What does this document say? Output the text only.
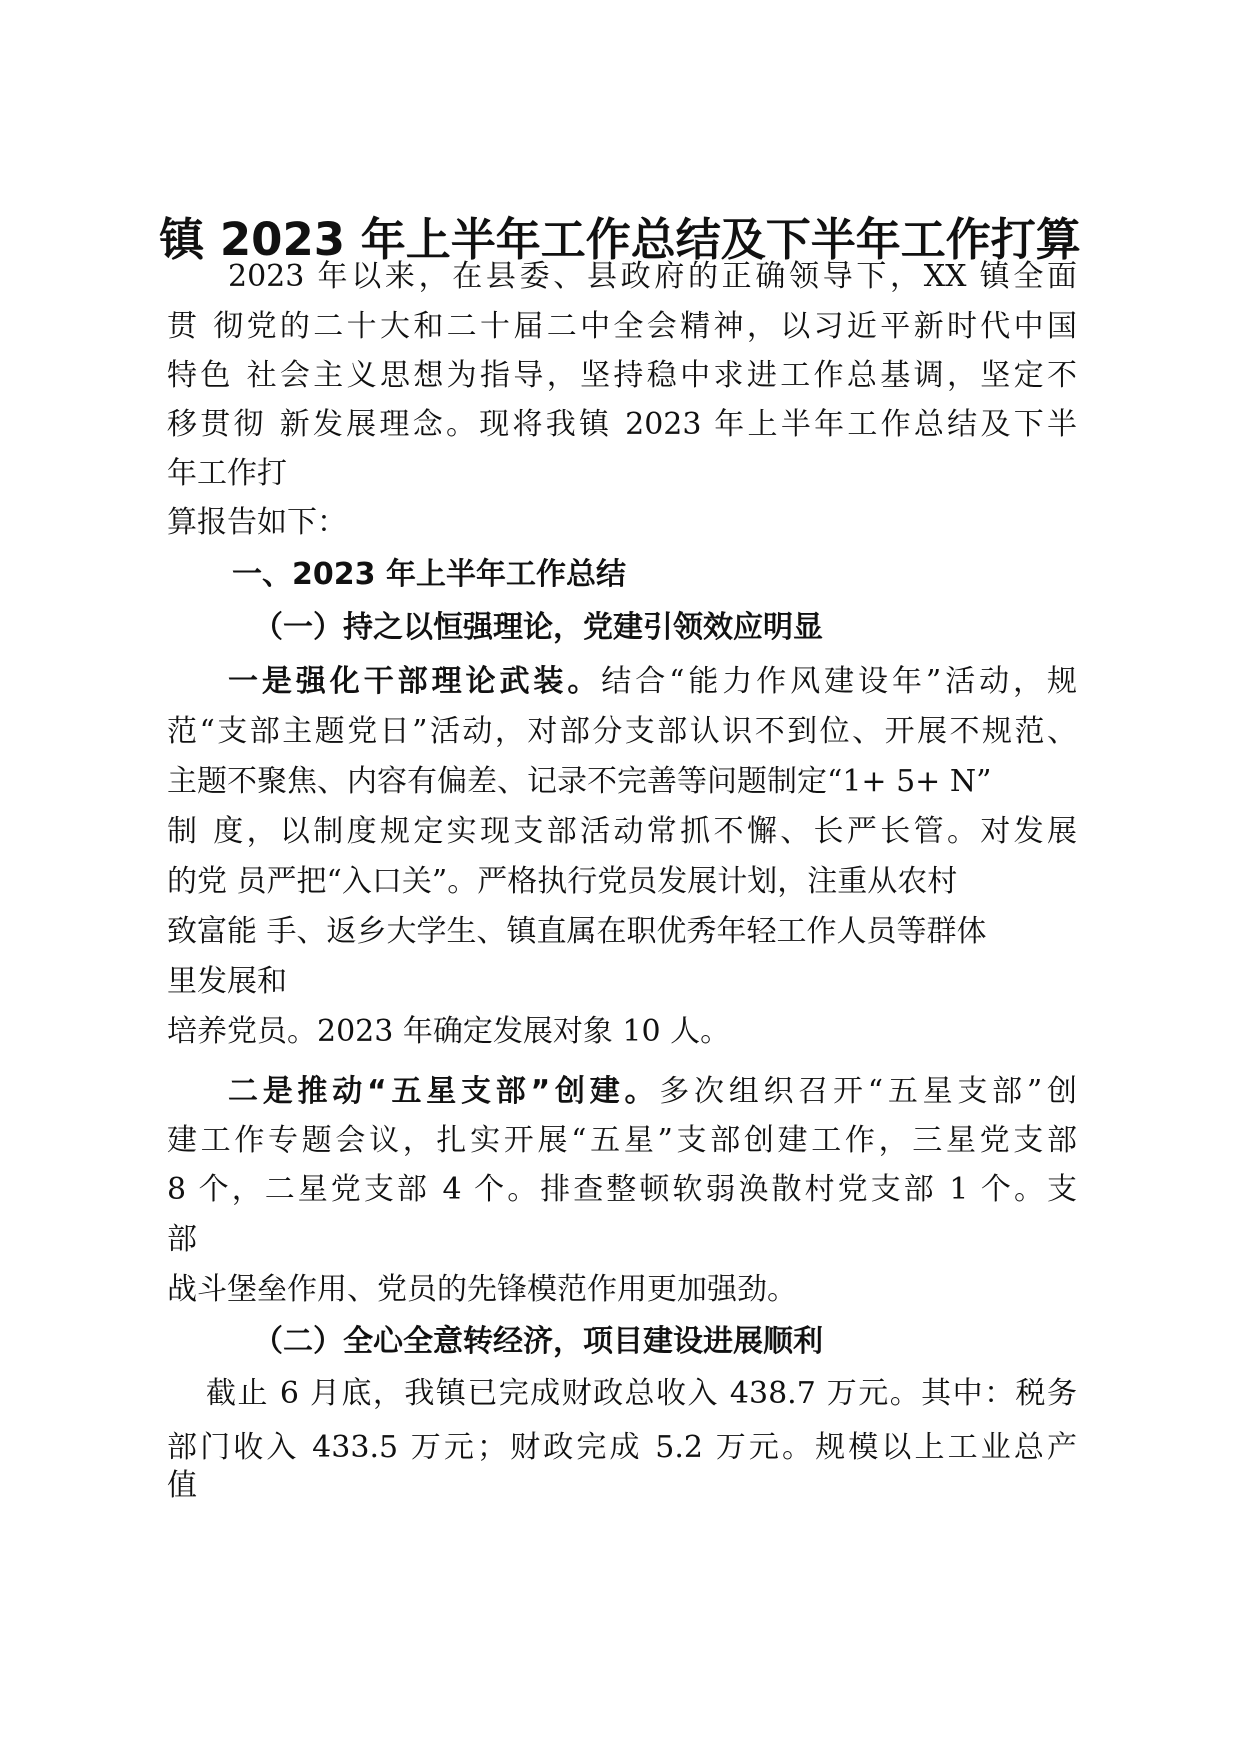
镇 2023 年上半年工作总结及下半年工作打算

2023 年以来，在县委、县政府的正确领导下，XX 镇全面

贯 彻党的二十大和二十届二中全会精神，以习近平新时代中国

特色 社会主义思想为指导，坚持稳中求进工作总基调，坚定不

移贯彻 新发展理念。现将我镇 2023 年上半年工作总结及下半

年工作打

算报告如下：

一、2023 年上半年工作总结
（一）持之以恒强理论，党建引领效应明显

一是强化干部理论武装。结合“能力作风建设年”活动，规

范“支部主题党日”活动，对部分支部认识不到位、开展不规范、

主题不聚焦、内容有偏差、记录不完善等问题制定“1+ 5+ N”

制 度，以制度规定实现支部活动常抓不懈、长严长管。对发展

的党 员严把“入口关”。严格执行党员发展计划，注重从农村

致富能 手、返乡大学生、镇直属在职优秀年轻工作人员等群体

里发展和

培养党员。2023 年确定发展对象 10 人。

二是推动“五星支部”创建。多次组织召开“五星支部”创

建工作专题会议，扎实开展“五星”支部创建工作，三星党支部

8 个，二星党支部 4 个。排查整顿软弱涣散村党支部 1 个。支

部

战斗堡垒作用、党员的先锋模范作用更加强劲。

（二）全心全意转经济，项目建设进展顺利

截止 6 月底，我镇已完成财政总收入 438.7 万元。其中：税务

部门收入 433.5 万元；财政完成 5.2 万元。规模以上工业总产

值
